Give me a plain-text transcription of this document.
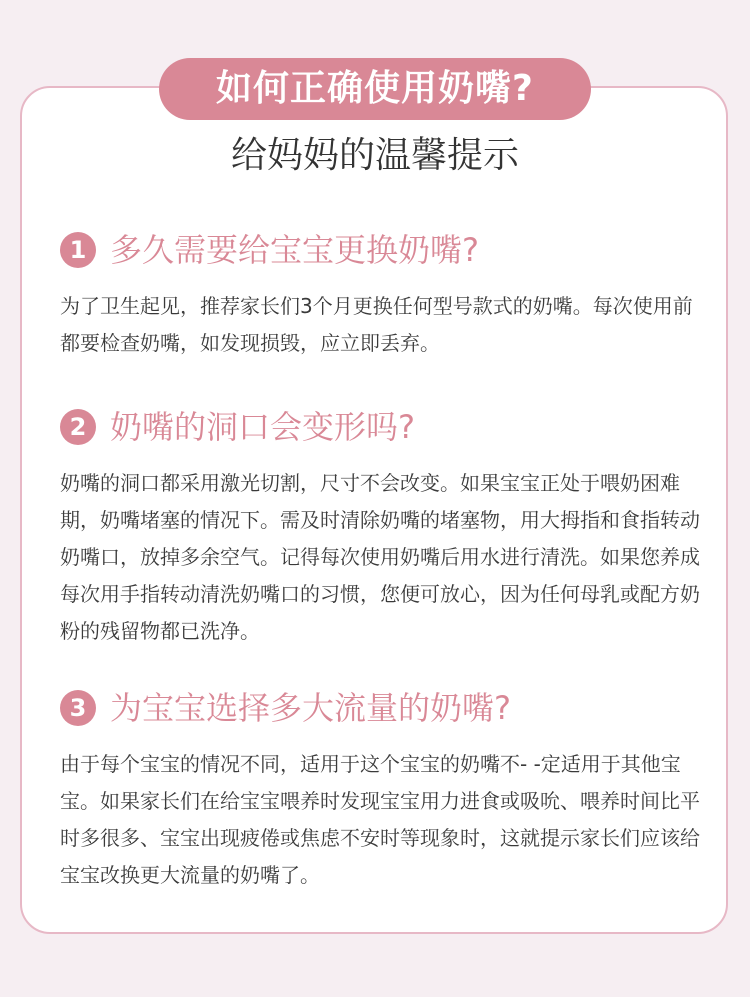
如何正确使用奶嘴?
给妈妈的温馨提示
1 多久需要给宝宝更换奶嘴?
为了卫生起见，推荐家长们3个月更换任何型号款式的奶嘴。每次使用前都要检查奶嘴，如发现损毁，应立即丢弃。
2 奶嘴的洞口会变形吗?
奶嘴的洞口都采用激光切割，尺寸不会改变。如果宝宝正处于喂奶困难期，奶嘴堵塞的情况下。需及时清除奶嘴的堵塞物，用大拇指和食指转动奶嘴口，放掉多余空气。记得每次使用奶嘴后用水进行清洗。如果您养成每次用手指转动清洗奶嘴口的习惯，您便可放心，因为任何母乳或配方奶粉的残留物都已洗净。
3 为宝宝选择多大流量的奶嘴?
由于每个宝宝的情况不同，适用于这个宝宝的奶嘴不- -定适用于其他宝宝。如果家长们在给宝宝喂养时发现宝宝用力进食或吸吮、喂养时间比平时多很多、宝宝出现疲倦或焦虑不安时等现象时，这就提示家长们应该给宝宝改换更大流量的奶嘴了。
